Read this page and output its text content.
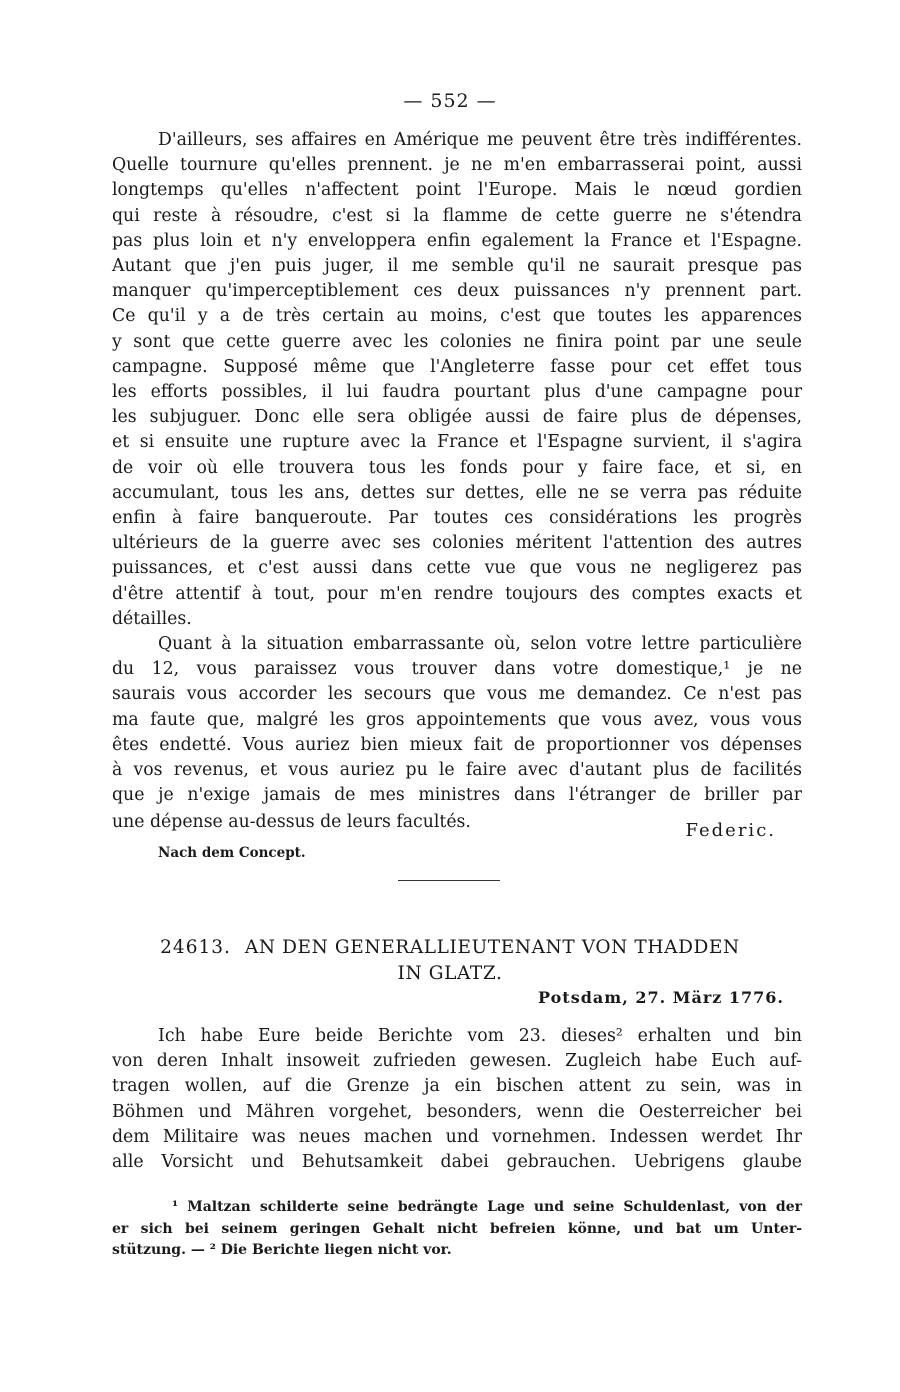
— 552 —

D'ailleurs, ses affaires en Amérique me peuvent être très indifférentes.
Quelle tournure qu'elles prennent. je ne m'en embarrasserai point, aussi
longtemps qu'elles n'affectent point l'Europe. Mais le nœud gordien
qui reste à résoudre, c'est si la flamme de cette guerre ne s'étendra
pas plus loin et n'y enveloppera enfin egalement la France et l'Espagne.
Autant que j'en puis juger, il me semble qu'il ne saurait presque pas
manquer qu'imperceptiblement ces deux puissances n'y prennent part.
Ce qu'il y a de très certain au moins, c'est que toutes les apparences
y sont que cette guerre avec les colonies ne finira point par une seule
campagne. Supposé même que l'Angleterre fasse pour cet effet tous
les efforts possibles, il lui faudra pourtant plus d'une campagne pour
les subjuguer. Donc elle sera obligée aussi de faire plus de dépenses,
et si ensuite une rupture avec la France et l'Espagne survient, il s'agira
de voir où elle trouvera tous les fonds pour y faire face, et si, en
accumulant, tous les ans, dettes sur dettes, elle ne se verra pas réduite
enfin à faire banqueroute. Par toutes ces considérations les progrès
ultérieurs de la guerre avec ses colonies méritent l'attention des autres
puissances, et c'est aussi dans cette vue que vous ne negligerez pas
d'être attentif à tout, pour m'en rendre toujours des comptes exacts et
détailles.

Quant à la situation embarrassante où, selon votre lettre particulière
du 12, vous paraissez vous trouver dans votre domestique,¹ je ne
saurais vous accorder les secours que vous me demandez. Ce n'est pas
ma faute que, malgré les gros appointements que vous avez, vous vous
êtes endetté. Vous auriez bien mieux fait de proportionner vos dépenses
à vos revenus, et vous auriez pu le faire avec d'autant plus de facilités
que je n'exige jamais de mes ministres dans l'étranger de briller par

une dépense au-dessus de leurs facultés.	Federic.
Nach dem Concept.
24613. AN DEN GENERALLIEUTENANT VON THADDEN
IN GLATZ.
Potsdam, 27. März 1776.

Ich habe Eure beide Berichte vom 23. dieses² erhalten und bin
von deren Inhalt insoweit zufrieden gewesen. Zugleich habe Euch auf-
tragen wollen, auf die Grenze ja ein bischen attent zu sein, was in
Böhmen und Mähren vorgehet, besonders, wenn die Oesterreicher bei
dem Militaire was neues machen und vornehmen. Indessen werdet Ihr
alle Vorsicht und Behutsamkeit dabei gebrauchen. Uebrigens glaube

¹ Maltzan schilderte seine bedrängte Lage und seine Schuldenlast, von der
er sich bei seinem geringen Gehalt nicht befreien könne, und bat um Unter-
stützung. — ² Die Berichte liegen nicht vor.
